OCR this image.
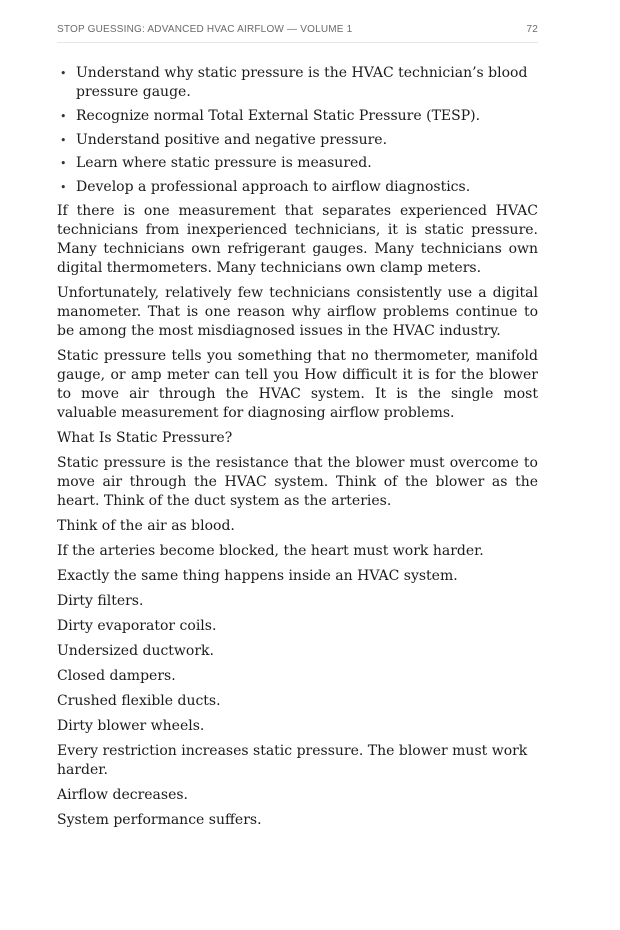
STOP GUESSING: ADVANCED HVAC AIRFLOW — VOLUME 1	72
• Understand why static pressure is the HVAC technician’s blood pressure gauge.
• Recognize normal Total External Static Pressure (TESP).
• Understand positive and negative pressure.
• Learn where static pressure is measured.
• Develop a professional approach to airflow diagnostics.

If there is one measurement that separates experienced HVAC technicians from inexperienced technicians, it is static pressure. Many technicians own refrigerant gauges. Many technicians own digital thermometers. Many technicians own clamp meters.

Unfortunately, relatively few technicians consistently use a digital manometer. That is one reason why airflow problems continue to be among the most misdiagnosed issues in the HVAC industry.

Static pressure tells you something that no thermometer, manifold gauge, or amp meter can tell you How difficult it is for the blower to move air through the HVAC system. It is the single most valuable measurement for diagnosing airflow problems.

What Is Static Pressure?

Static pressure is the resistance that the blower must overcome to move air through the HVAC system. Think of the blower as the heart. Think of the duct system as the arteries.

Think of the air as blood.

If the arteries become blocked, the heart must work harder.

Exactly the same thing happens inside an HVAC system.

Dirty filters.

Dirty evaporator coils.

Undersized ductwork.

Closed dampers.

Crushed flexible ducts.

Dirty blower wheels.

Every restriction increases static pressure. The blower must work harder.

Airflow decreases.

System performance suffers.
